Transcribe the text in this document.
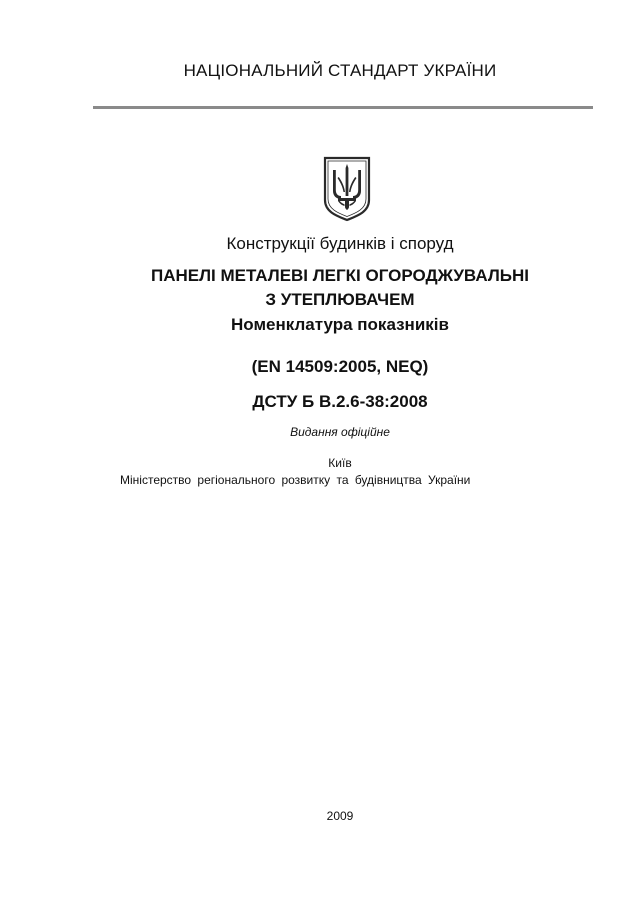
НАЦІОНАЛЬНИЙ СТАНДАРТ УКРАЇНИ
Конструкції будинків і споруд
ПАНЕЛІ МЕТАЛЕВІ ЛЕГКІ ОГОРОДЖУВАЛЬНІ
З УТЕПЛЮВАЧЕМ
Номенклатура показників
(EN 14509:2005, NEQ)
ДСТУ Б В.2.6-38:2008
Видання офіційне
Київ
Міністерство регіонального розвитку та будівництва України
2009
